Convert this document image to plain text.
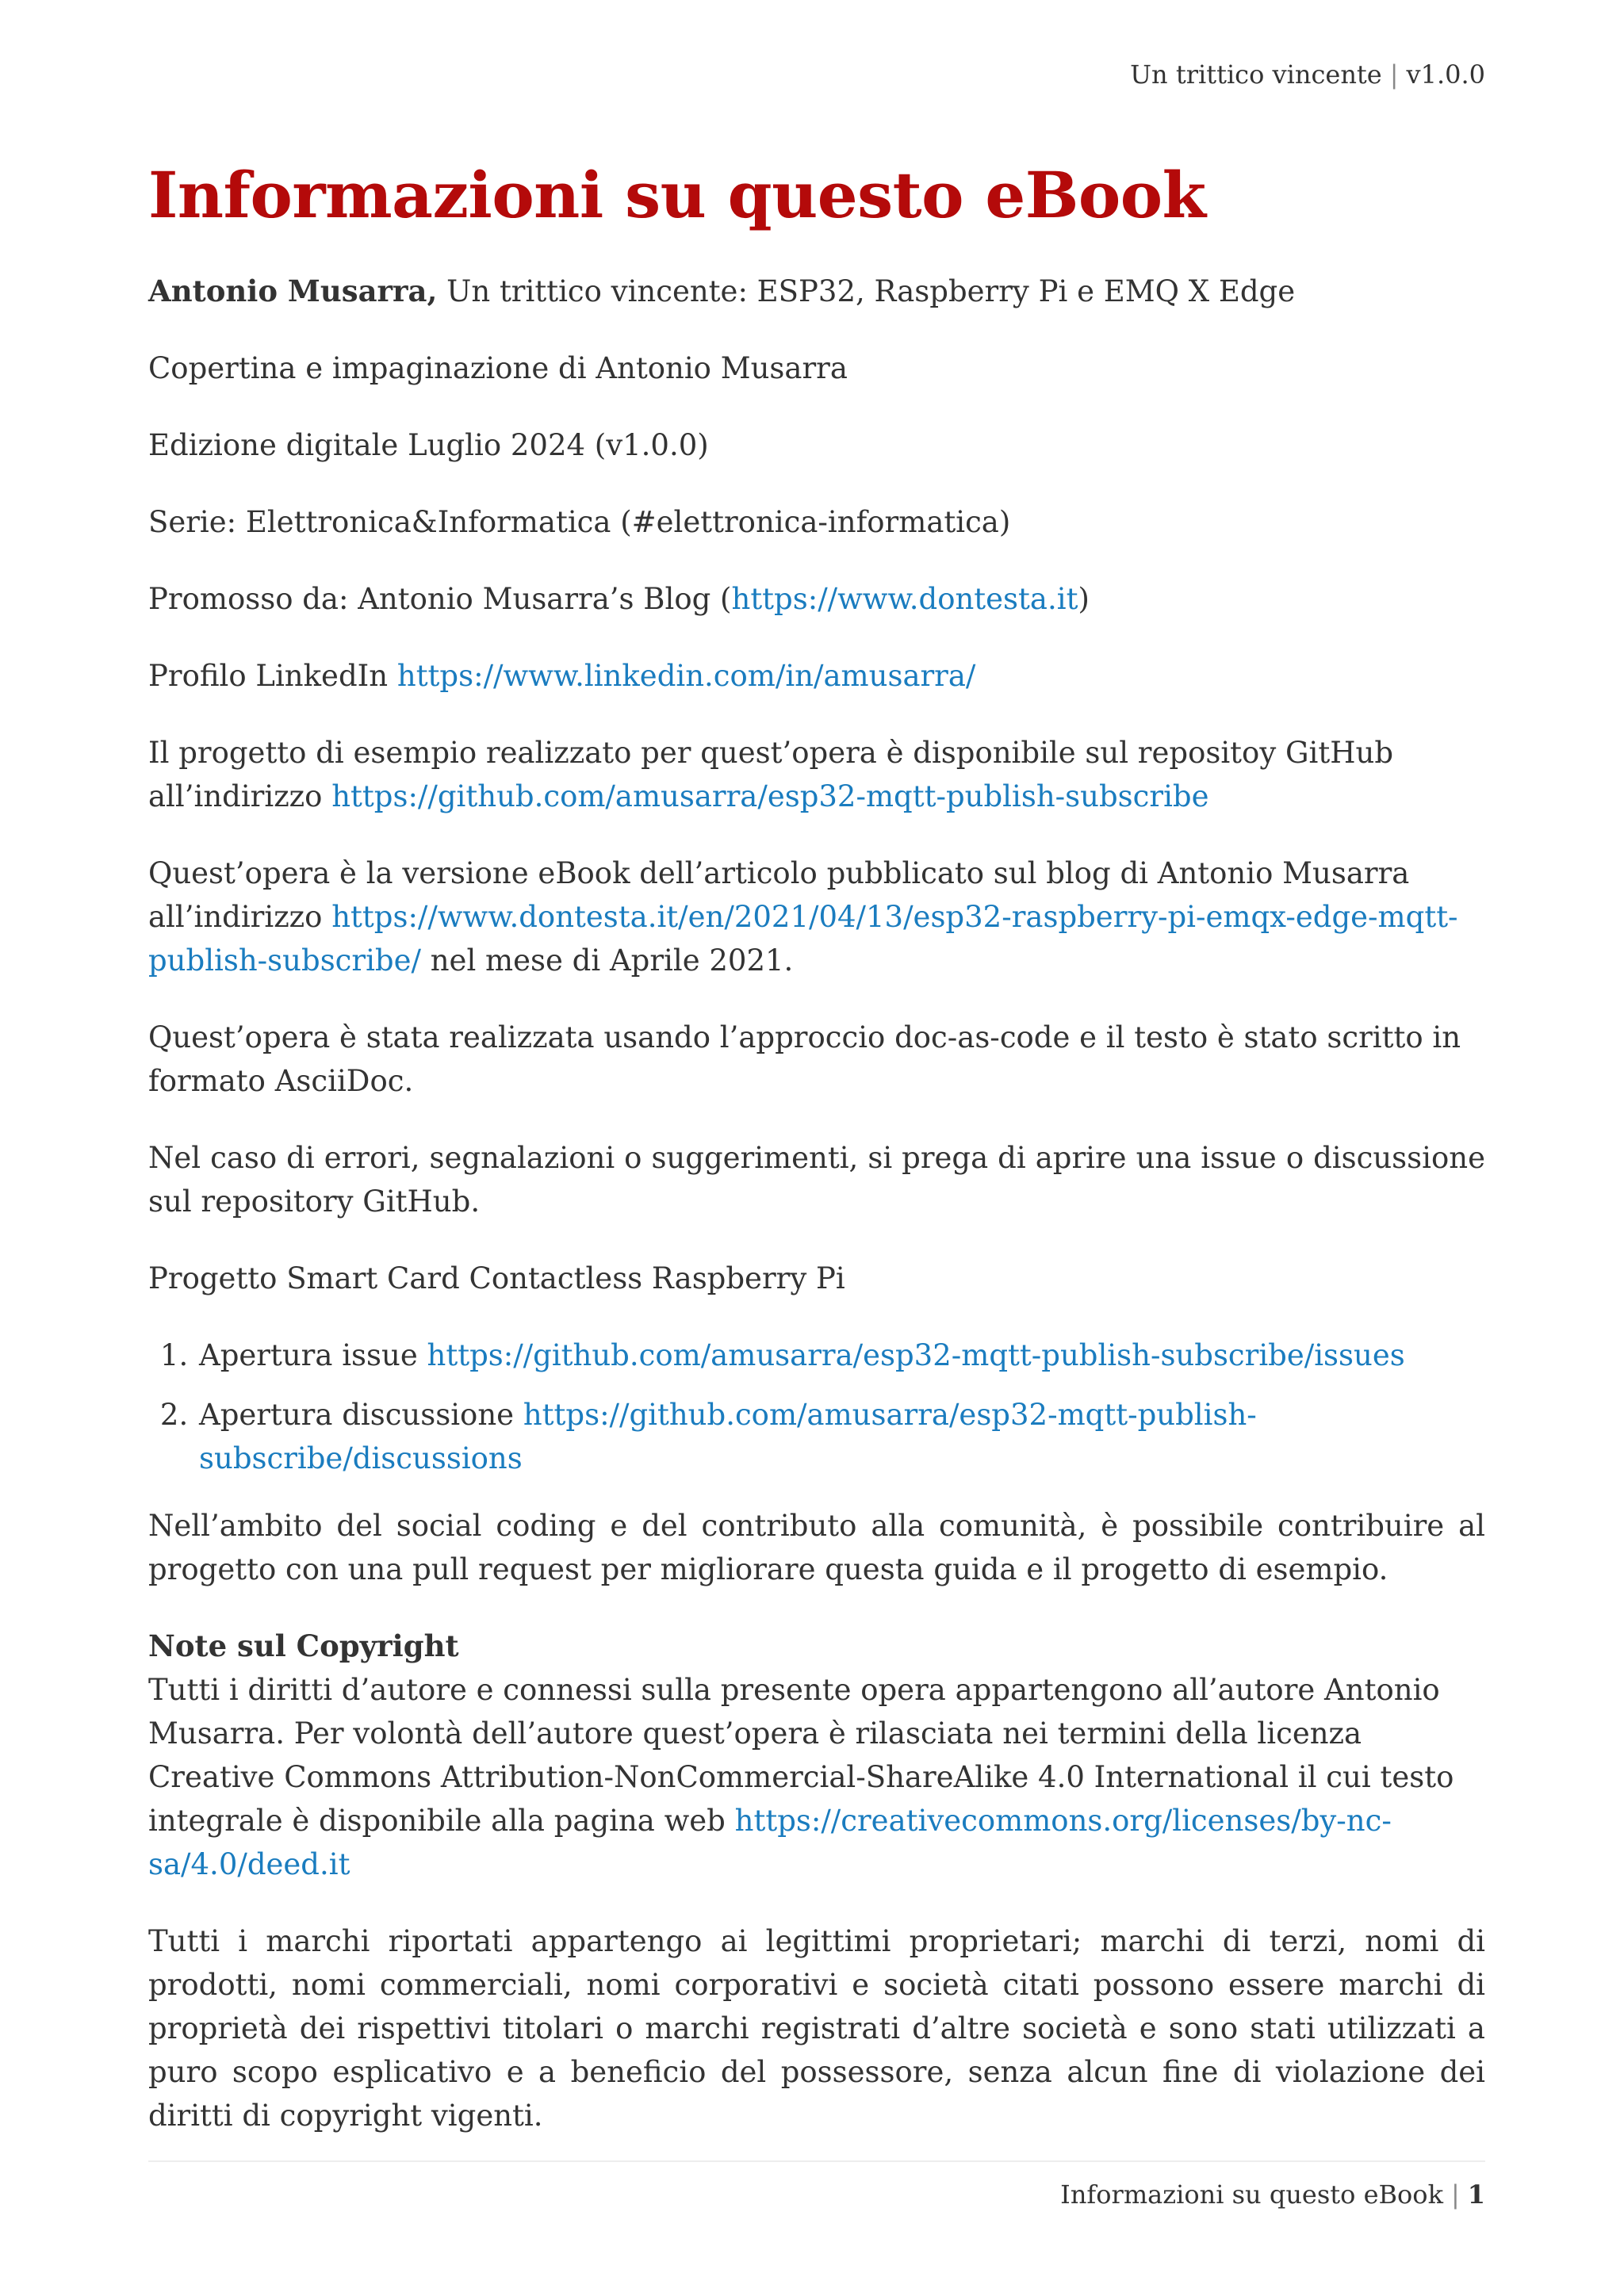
Un trittico vincente | v1.0.0
Informazioni su questo eBook

Antonio Musarra, Un trittico vincente: ESP32, Raspberry Pi e EMQ X Edge

Copertina e impaginazione di Antonio Musarra

Edizione digitale Luglio 2024 (v1.0.0)

Serie: Elettronica&Informatica (#elettronica-informatica)

Promosso da: Antonio Musarra’s Blog (https://www.dontesta.it)

Profilo LinkedIn https://www.linkedin.com/in/amusarra/

Il progetto di esempio realizzato per quest’opera è disponibile sul repositoy GitHub all’indirizzo https://github.com/amusarra/esp32-mqtt-publish-subscribe

Quest’opera è la versione eBook dell’articolo pubblicato sul blog di Antonio Musarra all’indirizzo https://www.dontesta.it/en/2021/04/13/esp32-raspberry-pi-emqx-edge-mqtt-publish-subscribe/ nel mese di Aprile 2021.

Quest’opera è stata realizzata usando l’approccio doc-as-code e il testo è stato scritto in formato AsciiDoc.

Nel caso di errori, segnalazioni o suggerimenti, si prega di aprire una issue o discussione sul repository GitHub.

Progetto Smart Card Contactless Raspberry Pi

1. Apertura issue https://github.com/amusarra/esp32-mqtt-publish-subscribe/issues
2. Apertura discussione https://github.com/amusarra/esp32-mqtt-publish-subscribe/discussions

Nell’ambito del social coding e del contributo alla comunità, è possibile contribuire al progetto con una pull request per migliorare questa guida e il progetto di esempio.

Note sul Copyright
Tutti i diritti d’autore e connessi sulla presente opera appartengono all’autore Antonio Musarra. Per volontà dell’autore quest’opera è rilasciata nei termini della licenza Creative Commons Attribution-NonCommercial-ShareAlike 4.0 International il cui testo integrale è disponibile alla pagina web https://creativecommons.org/licenses/by-nc-sa/4.0/deed.it

Tutti i marchi riportati appartengo ai legittimi proprietari; marchi di terzi, nomi di prodotti, nomi commerciali, nomi corporativi e società citati possono essere marchi di proprietà dei rispettivi titolari o marchi registrati d’altre società e sono stati utilizzati a puro scopo esplicativo e a beneficio del possessore, senza alcun fine di violazione dei diritti di copyright vigenti.

Informazioni su questo eBook | 1
